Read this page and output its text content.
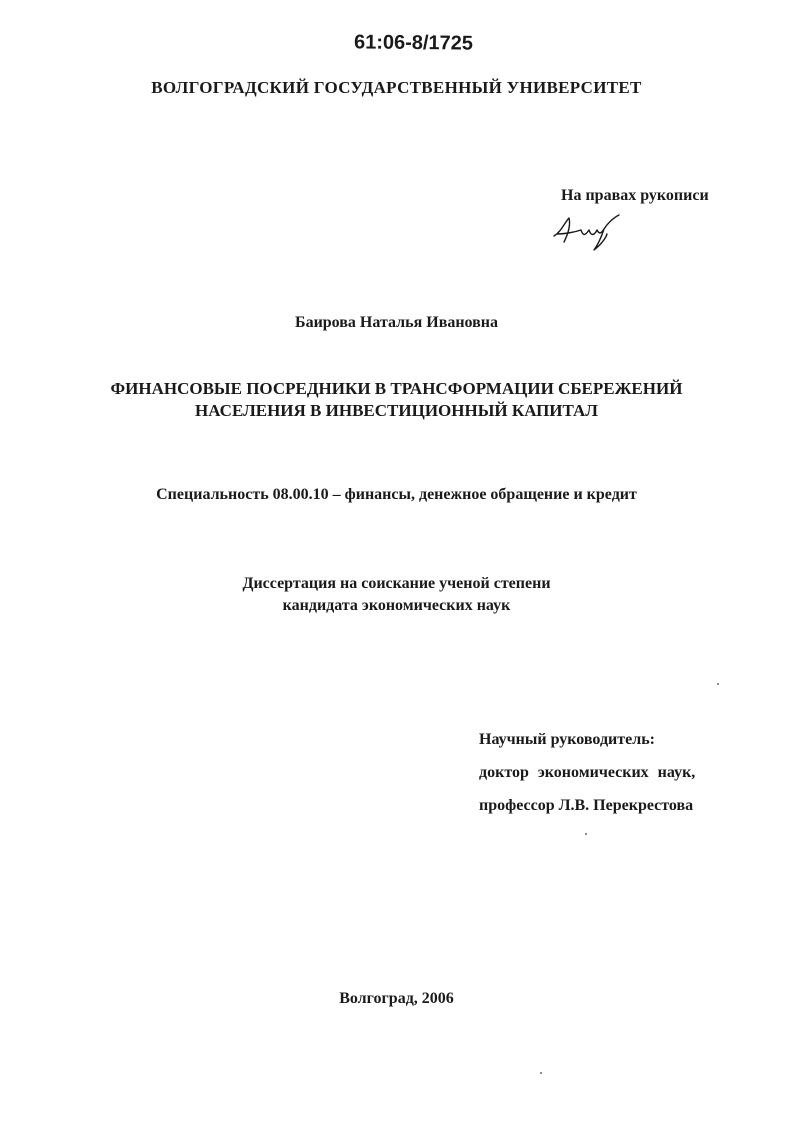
61:06-8/1725
ВОЛГОГРАДСКИЙ ГОСУДАРСТВЕННЫЙ УНИВЕРСИТЕТ
На правах рукописи
Баирова Наталья Ивановна
ФИНАНСОВЫЕ ПОСРЕДНИКИ В ТРАНСФОРМАЦИИ СБЕРЕЖЕНИЙ
НАСЕЛЕНИЯ В ИНВЕСТИЦИОННЫЙ КАПИТАЛ
Специальность 08.00.10 – финансы, денежное обращение и кредит
Диссертация на соискание ученой степени
кандидата экономических наук
Научный руководитель:
доктор экономических наук,
профессор Л.В. Перекрестова
Волгоград, 2006
